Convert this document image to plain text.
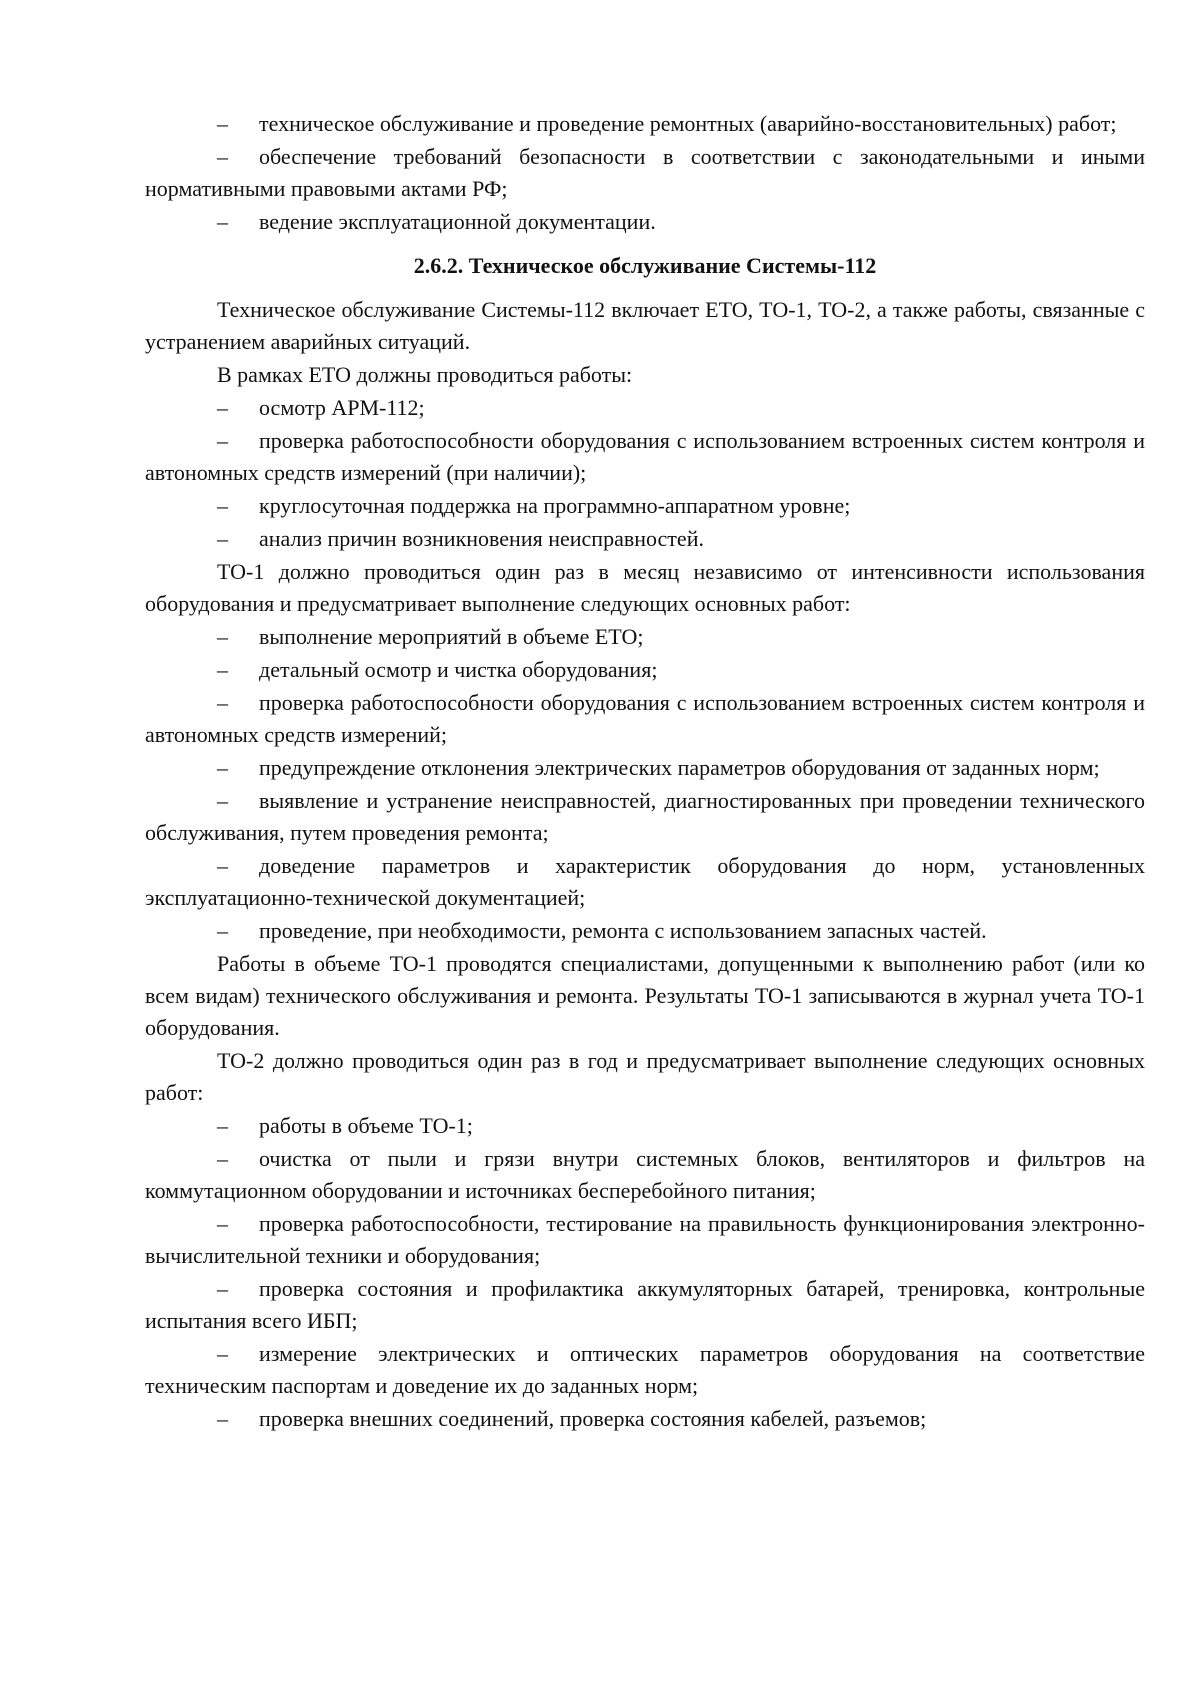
– техническое обслуживание и проведение ремонтных (аварийно-восстановительных) работ;

– обеспечение требований безопасности в соответствии с законодательными и иными нормативными правовыми актами РФ;

– ведение эксплуатационной документации.

2.6.2. Техническое обслуживание Системы-112

Техническое обслуживание Системы-112 включает ЕТО, ТО-1, ТО-2, а также работы, связанные с устранением аварийных ситуаций.

В рамках ЕТО должны проводиться работы:

– осмотр АРМ-112;

– проверка работоспособности оборудования с использованием встроенных систем контроля и автономных средств измерений (при наличии);

– круглосуточная поддержка на программно-аппаратном уровне;

– анализ причин возникновения неисправностей.

ТО-1 должно проводиться один раз в месяц независимо от интенсивности использования оборудования и предусматривает выполнение следующих основных работ:

– выполнение мероприятий в объеме ЕТО;

– детальный осмотр и чистка оборудования;

– проверка работоспособности оборудования с использованием встроенных систем контроля и автономных средств измерений;

– предупреждение отклонения электрических параметров оборудования от заданных норм;

– выявление и устранение неисправностей, диагностированных при проведении технического обслуживания, путем проведения ремонта;

– доведение параметров и характеристик оборудования до норм, установленных эксплуатационно-технической документацией;

– проведение, при необходимости, ремонта с использованием запасных частей.

Работы в объеме ТО-1 проводятся специалистами, допущенными к выполнению работ (или ко всем видам) технического обслуживания и ремонта. Результаты ТО-1 записываются в журнал учета ТО-1 оборудования.

ТО-2 должно проводиться один раз в год и предусматривает выполнение следующих основных работ:

– работы в объеме ТО-1;

– очистка от пыли и грязи внутри системных блоков, вентиляторов и фильтров на коммутационном оборудовании и источниках бесперебойного питания;

– проверка работоспособности, тестирование на правильность функционирования электронно-вычислительной техники и оборудования;

– проверка состояния и профилактика аккумуляторных батарей, тренировка, контрольные испытания всего ИБП;

– измерение электрических и оптических параметров оборудования на соответствие техническим паспортам и доведение их до заданных норм;

– проверка внешних соединений, проверка состояния кабелей, разъемов;
